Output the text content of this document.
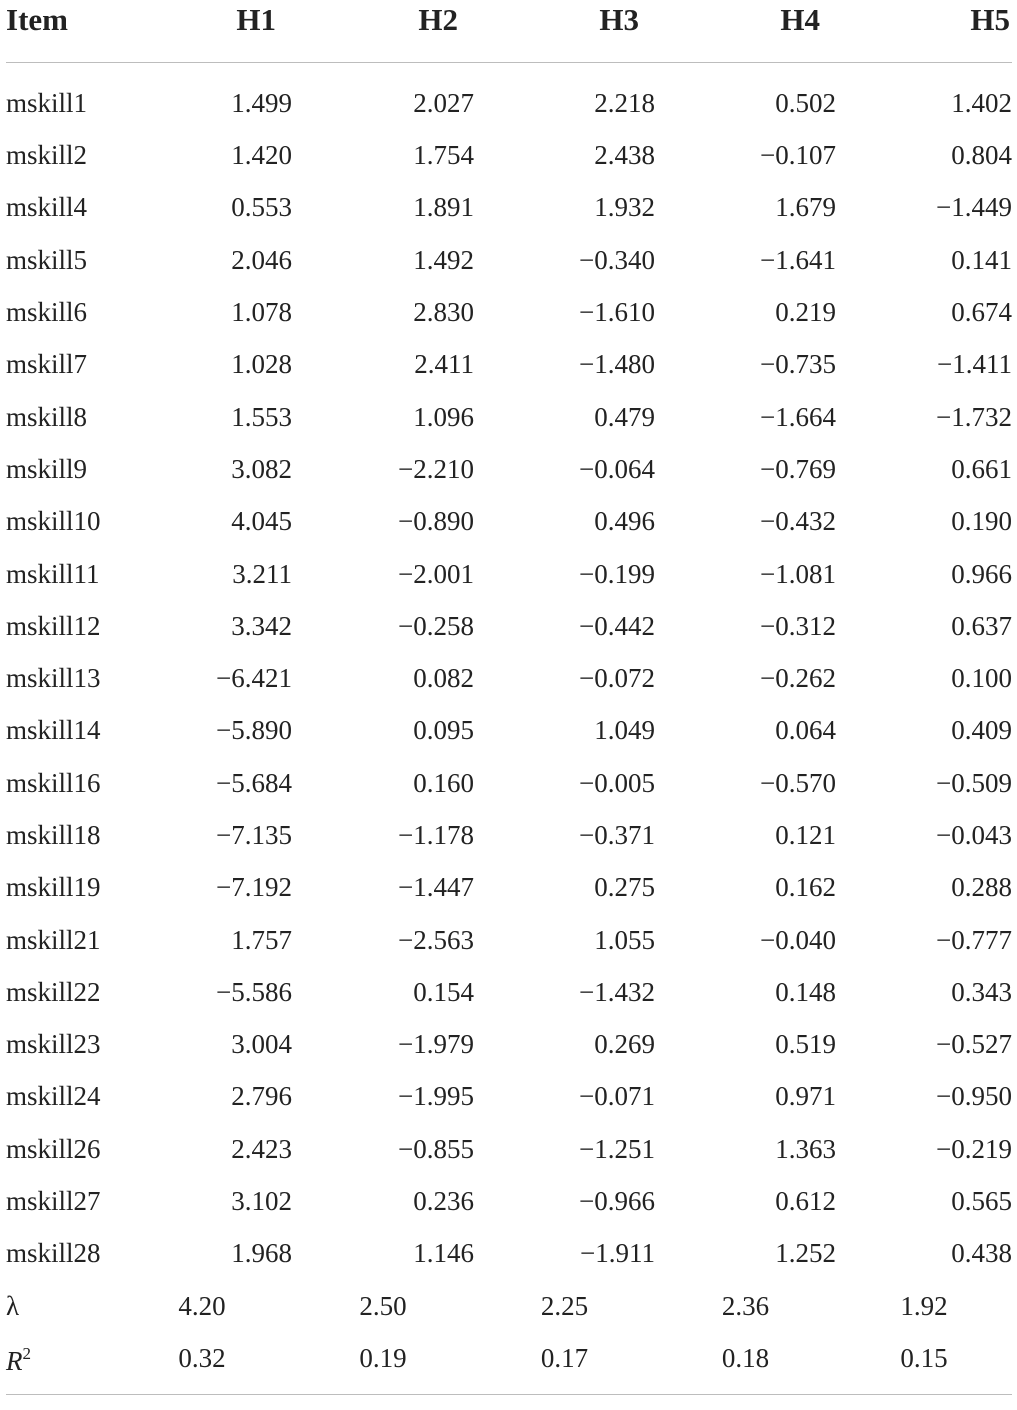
Item	H1	H2	H3	H4	H5
mskill1	1.499	2.027	2.218	0.502	1.402
mskill2	1.420	1.754	2.438	−0.107	0.804
mskill4	0.553	1.891	1.932	1.679	−1.449
mskill5	2.046	1.492	−0.340	−1.641	0.141
mskill6	1.078	2.830	−1.610	0.219	0.674
mskill7	1.028	2.411	−1.480	−0.735	−1.411
mskill8	1.553	1.096	0.479	−1.664	−1.732
mskill9	3.082	−2.210	−0.064	−0.769	0.661
mskill10	4.045	−0.890	0.496	−0.432	0.190
mskill11	3.211	−2.001	−0.199	−1.081	0.966
mskill12	3.342	−0.258	−0.442	−0.312	0.637
mskill13	−6.421	0.082	−0.072	−0.262	0.100
mskill14	−5.890	0.095	1.049	0.064	0.409
mskill16	−5.684	0.160	−0.005	−0.570	−0.509
mskill18	−7.135	−1.178	−0.371	0.121	−0.043
mskill19	−7.192	−1.447	0.275	0.162	0.288
mskill21	1.757	−2.563	1.055	−0.040	−0.777
mskill22	−5.586	0.154	−1.432	0.148	0.343
mskill23	3.004	−1.979	0.269	0.519	−0.527
mskill24	2.796	−1.995	−0.071	0.971	−0.950
mskill26	2.423	−0.855	−1.251	1.363	−0.219
mskill27	3.102	0.236	−0.966	0.612	0.565
mskill28	1.968	1.146	−1.911	1.252	0.438
λ	4.20	2.50	2.25	2.36	1.92
$R^2$	0.32	0.19	0.17	0.18	0.15
